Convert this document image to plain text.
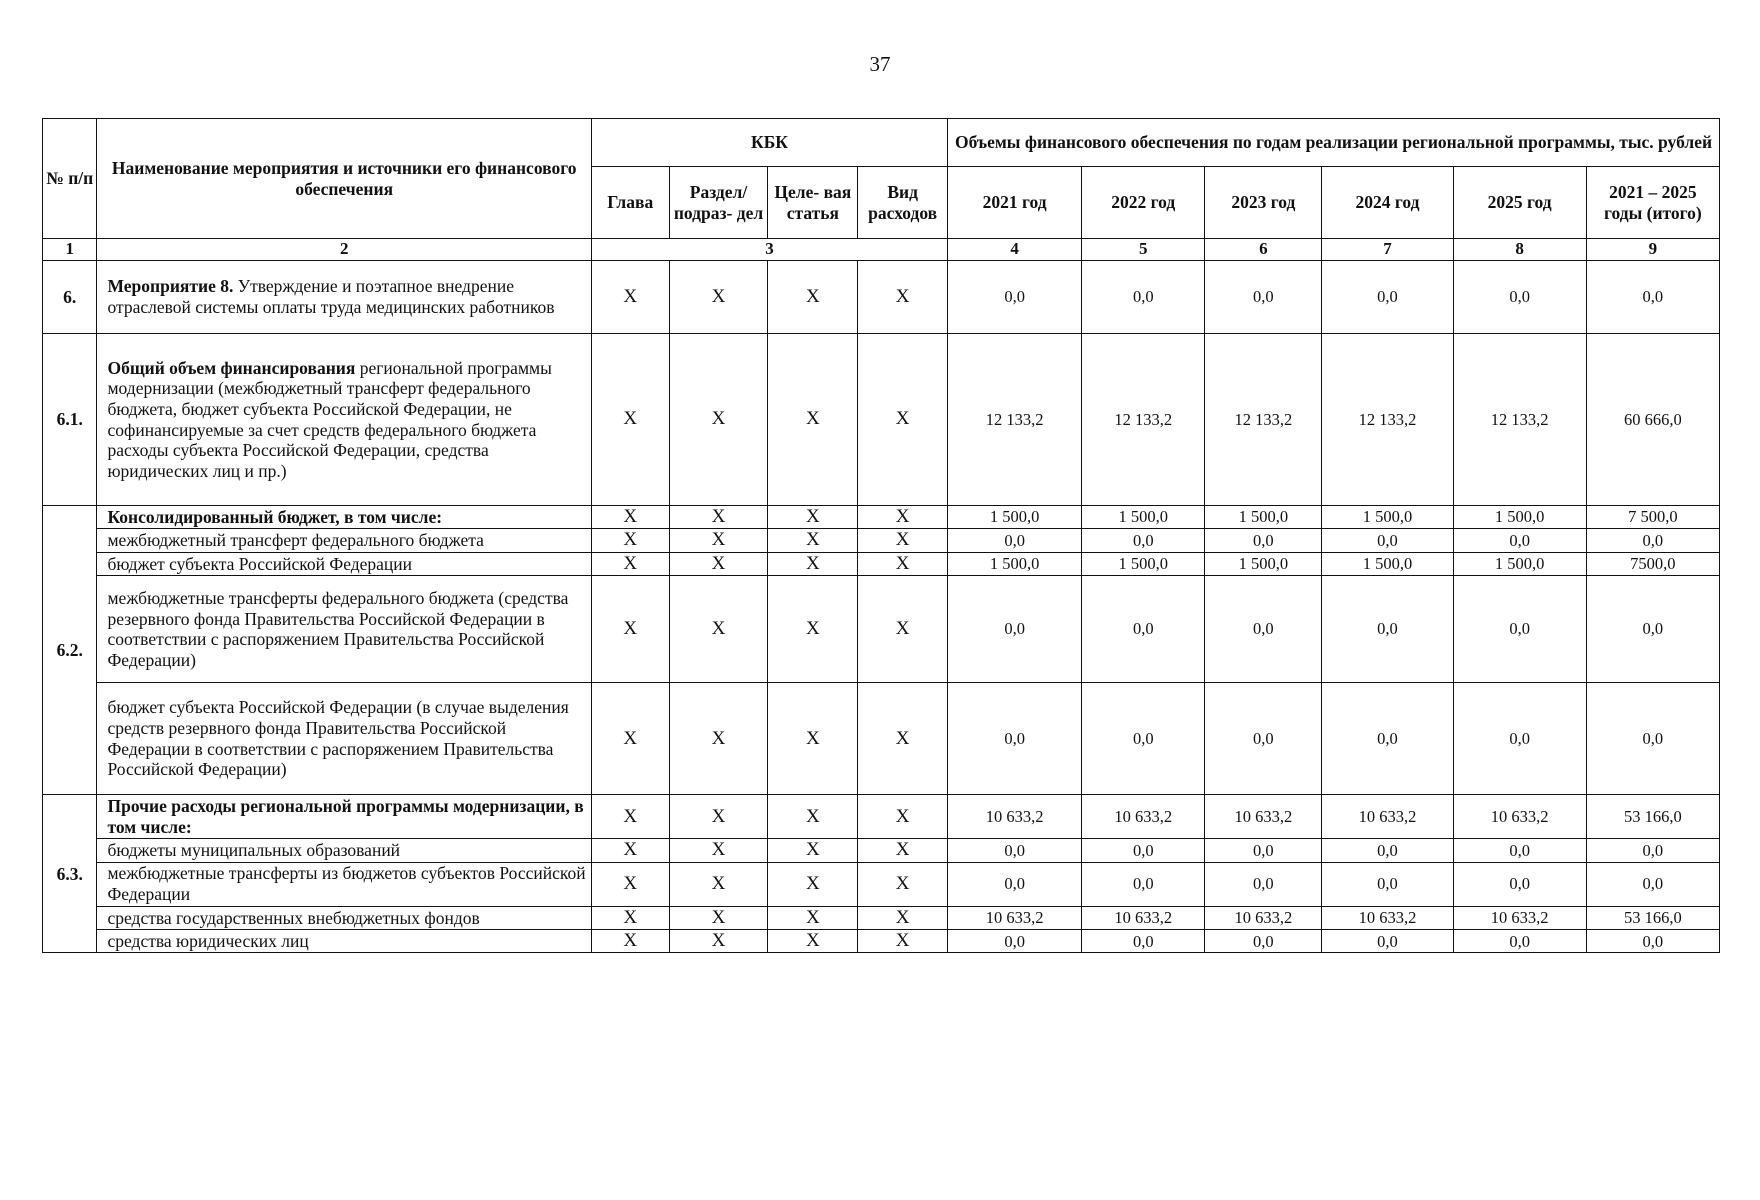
37
№ п/п	Наименование мероприятия и источники его финансового обеспечения	КБК				Объемы финансового обеспечения по годам реализации региональной программы, тыс. рублей					
		Глава	Раздел/ подраз- дел	Целе- вая статья	Вид расходов	2021 год	2022 год	2023 год	2024 год	2025 год	2021 – 2025 годы (итого)
1	2	3				4	5	6	7	8	9
6.	Мероприятие 8. Утверждение и поэтапное внедрение отраслевой системы оплаты труда медицинских работников	X	X	X	X	0,0	0,0	0,0	0,0	0,0	0,0
6.1.	Общий объем финансирования региональной программы модернизации (межбюджетный трансферт федерального бюджета, бюджет субъекта Российской Федерации, не софинансируемые за счет средств федерального бюджета расходы субъекта Российской Федерации, средства юридических лиц и пр.)	X	X	X	X	12 133,2	12 133,2	12 133,2	12 133,2	12 133,2	60 666,0
6.2.	Консолидированный бюджет, в том числе:	X	X	X	X	1 500,0	1 500,0	1 500,0	1 500,0	1 500,0	7 500,0
	межбюджетный трансферт федерального бюджета	X	X	X	X	0,0	0,0	0,0	0,0	0,0	0,0
	бюджет субъекта Российской Федерации	X	X	X	X	1 500,0	1 500,0	1 500,0	1 500,0	1 500,0	7500,0
	межбюджетные трансферты федерального бюджета (средства резервного фонда Правительства Российской Федерации в соответствии с распоряжением Правительства Российской Федерации)	X	X	X	X	0,0	0,0	0,0	0,0	0,0	0,0
	бюджет субъекта Российской Федерации (в случае выделения средств резервного фонда Правительства Российской Федерации в соответствии с распоряжением Правительства Российской Федерации)	X	X	X	X	0,0	0,0	0,0	0,0	0,0	0,0
6.3.	Прочие расходы региональной программы модернизации, в том числе:	X	X	X	X	10 633,2	10 633,2	10 633,2	10 633,2	10 633,2	53 166,0
	бюджеты муниципальных образований	X	X	X	X	0,0	0,0	0,0	0,0	0,0	0,0
	межбюджетные трансферты из бюджетов субъектов Российской Федерации	X	X	X	X	0,0	0,0	0,0	0,0	0,0	0,0
	средства государственных внебюджетных фондов	X	X	X	X	10 633,2	10 633,2	10 633,2	10 633,2	10 633,2	53 166,0
	средства юридических лиц	X	X	X	X	0,0	0,0	0,0	0,0	0,0	0,0
